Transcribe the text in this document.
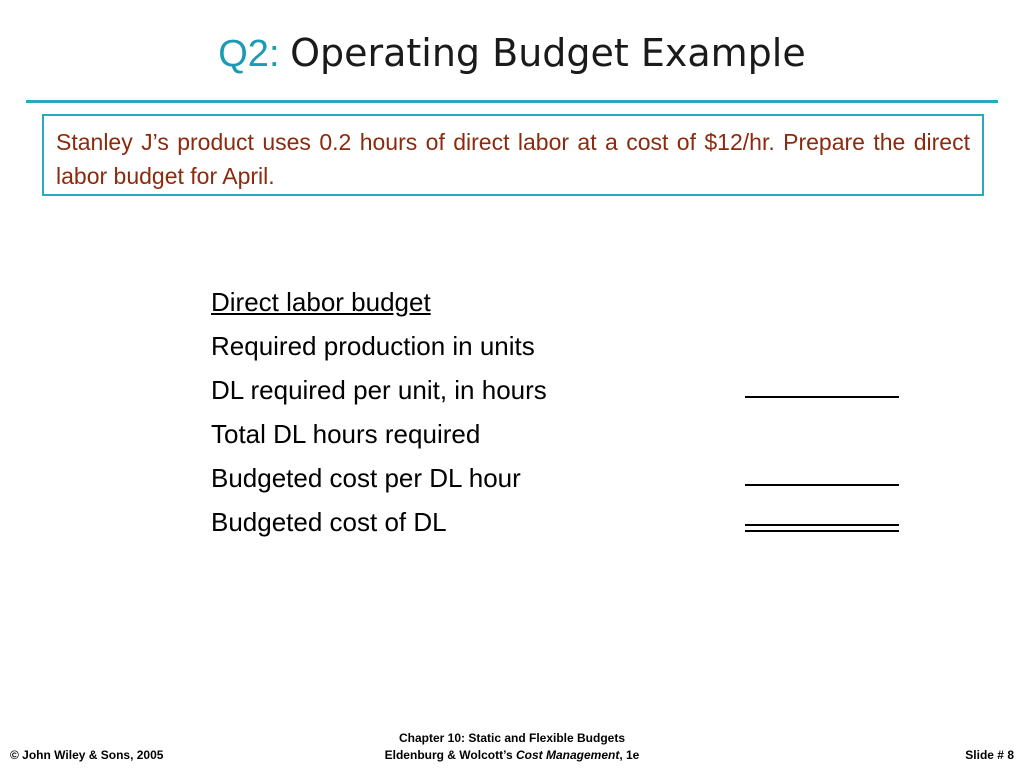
Q2: Operating Budget Example

Stanley J’s product uses 0.2 hours of direct labor at a cost of $12/hr. Prepare the direct labor budget for April.

Direct labor budget
Required production in units
DL required per unit, in hours
Total DL hours required
Budgeted cost per DL hour
Budgeted cost of DL
© John Wiley & Sons, 2005
Chapter 10: Static and Flexible Budgets
Eldenburg & Wolcott’s Cost Management, 1e	Slide # 8
